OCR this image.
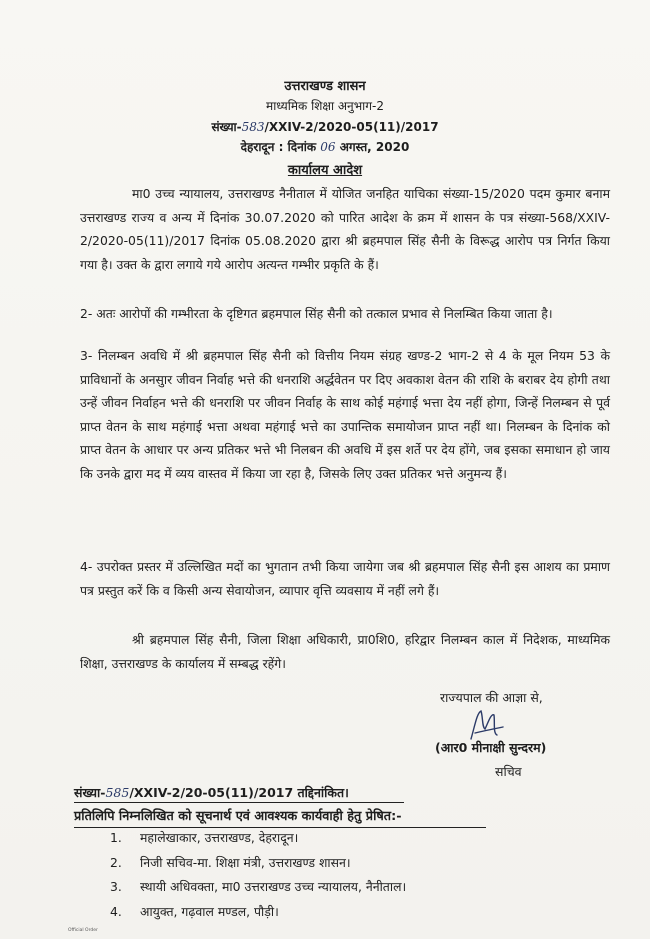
उत्तराखण्ड शासन
माध्यमिक शिक्षा अनुभाग-2
संख्या-583/XXIV-2/2020-05(11)/2017
देहरादून : दिनांक 06 अगस्त, 2020
कार्यालय आदेश
मा0 उच्च न्यायालय, उत्तराखण्ड नैनीताल में योजित जनहित याचिका संख्या-15/2020 पदम कुमार बनाम उत्तराखण्ड राज्य व अन्य में दिनांक 30.07.2020 को पारित आदेश के क्रम में शासन के पत्र संख्या-568/XXIV-2/2020-05(11)/2017 दिनांक 05.08.2020 द्वारा श्री ब्रहमपाल सिंह सैनी के विरूद्ध आरोप पत्र निर्गत किया गया है। उक्त के द्वारा लगाये गये आरोप अत्यन्त गम्भीर प्रकृति के हैं।
2- अतः आरोपों की गम्भीरता के दृष्टिगत ब्रहमपाल सिंह सैनी को तत्काल प्रभाव से निलम्बित किया जाता है।
3- निलम्बन अवधि में श्री ब्रहमपाल सिंह सैनी को वित्तीय नियम संग्रह खण्ड-2 भाग-2 से 4 के मूल नियम 53 के प्राविधानों के अनसुार जीवन निर्वाह भत्ते की धनराशि अर्द्धवेतन पर दिए अवकाश वेतन की राशि के बराबर देय होगी तथा उन्हें जीवन निर्वाहन भत्ते की धनराशि पर जीवन निर्वाह के साथ कोई महंगाई भत्ता देय नहीं होगा, जिन्हें निलम्बन से पूर्व प्राप्त वेतन के साथ महंगाई भत्ता अथवा महंगाई भत्ते का उपान्तिक समायोजन प्राप्त नहीं था। निलम्बन के दिनांक को प्राप्त वेतन के आधार पर अन्य प्रतिकर भत्ते भी निलबन की अवधि में इस शर्ते पर देय होंगे, जब इसका समाधान हो जाय कि उनके द्वारा मद में व्यय वास्तव में किया जा रहा है, जिसके लिए उक्त प्रतिकर भत्ते अनुमन्य हैं।
4- उपरोक्त प्रस्तर में उल्लिखित मदों का भुगतान तभी किया जायेगा जब श्री ब्रहमपाल सिंह सैनी इस आशय का प्रमाण पत्र प्रस्तुत करें कि व किसी अन्य सेवायोजन, व्यापार वृत्ति व्यवसाय में नहीं लगे हैं।
श्री ब्रहमपाल सिंह सैनी, जिला शिक्षा अधिकारी, प्रा0शि0, हरिद्वार निलम्बन काल में निदेशक, माध्यमिक शिक्षा, उत्तराखण्ड के कार्यालय में सम्बद्ध रहेंगे।
राज्यपाल की आज्ञा से,
(आर0 मीनाक्षी सुन्दरम)
सचिव
संख्या-585/XXIV-2/20-05(11)/2017 तद्दिनांकित।
प्रतिलिपि निम्नलिखित को सूचनार्थ एवं आवश्यक कार्यवाही हेतु प्रेषित:-
1. महालेखाकार, उत्तराखण्ड, देहरादून।
2. निजी सचिव-मा. शिक्षा मंत्री, उत्तराखण्ड शासन।
3. स्थायी अधिवक्ता, मा0 उत्तराखण्ड उच्च न्यायालय, नैनीताल।
4. आयुक्त, गढ़वाल मण्डल, पौड़ी।
Official Order
